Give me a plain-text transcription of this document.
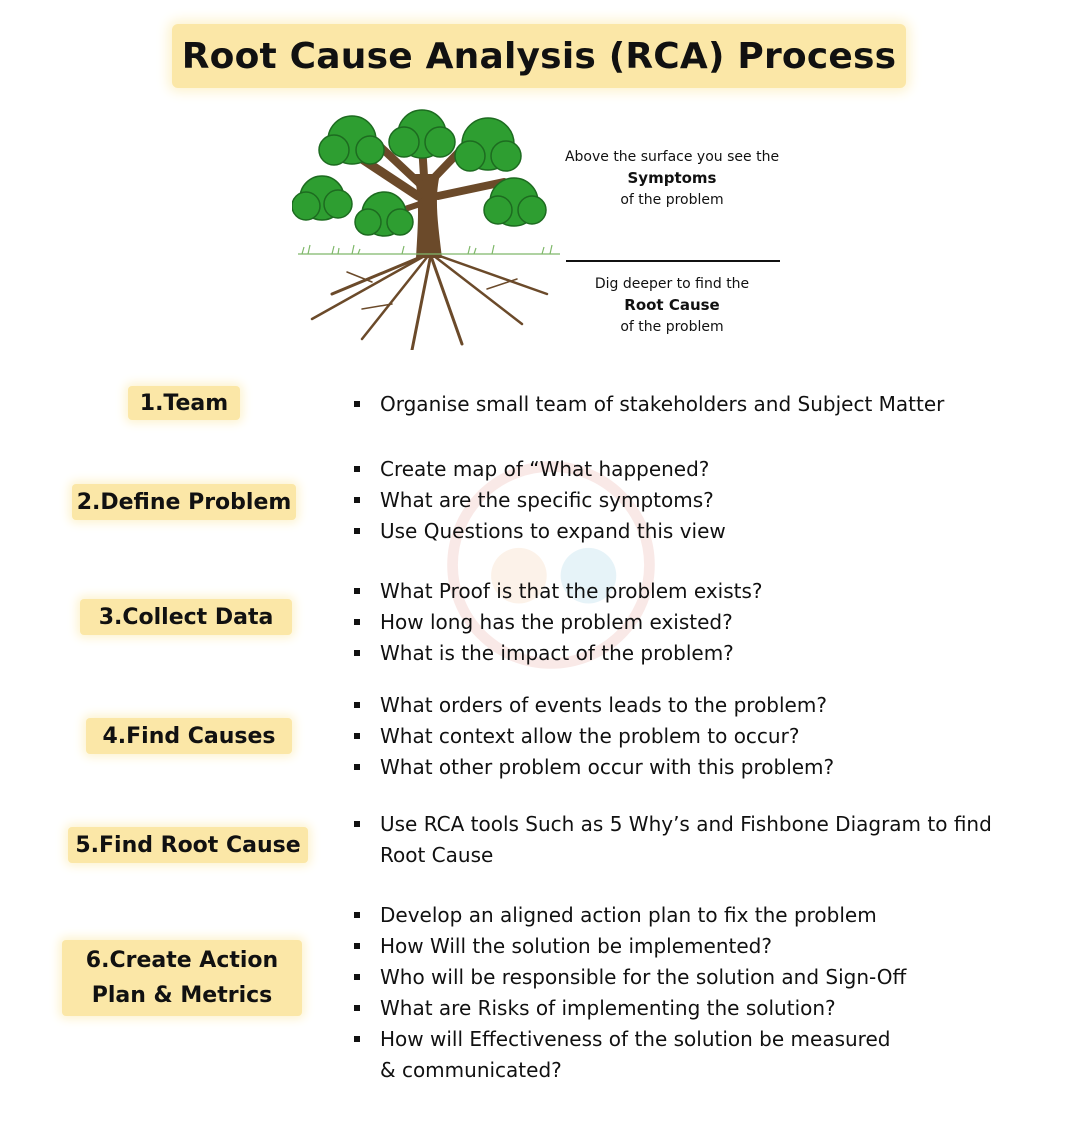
Root Cause Analysis (RCA) Process
Above the surface you see the
Symptoms
of the problem
Dig deeper to find the
Root Cause
of the problem
1.Team	Organise small team of stakeholders and Subject Matter
2.Define Problem
Create map of “What happened?
What are the specific symptoms?
Use Questions to expand this view
3.Collect Data
What Proof is that the problem exists?
How long has the problem existed?
What is the impact of the problem?
4.Find Causes
What orders of events leads to the problem?
What context allow the problem to occur?
What other problem occur with this problem?
5.Find Root Cause
Use RCA tools Such as 5 Why’s and Fishbone Diagram to find Root Cause
6.Create Action
Plan & Metrics
Develop an aligned action plan to fix the problem
How Will the solution be implemented?
Who will be responsible for the solution and Sign-Off
What are Risks of implementing the solution?
How will Effectiveness of the solution be measured & communicated?
